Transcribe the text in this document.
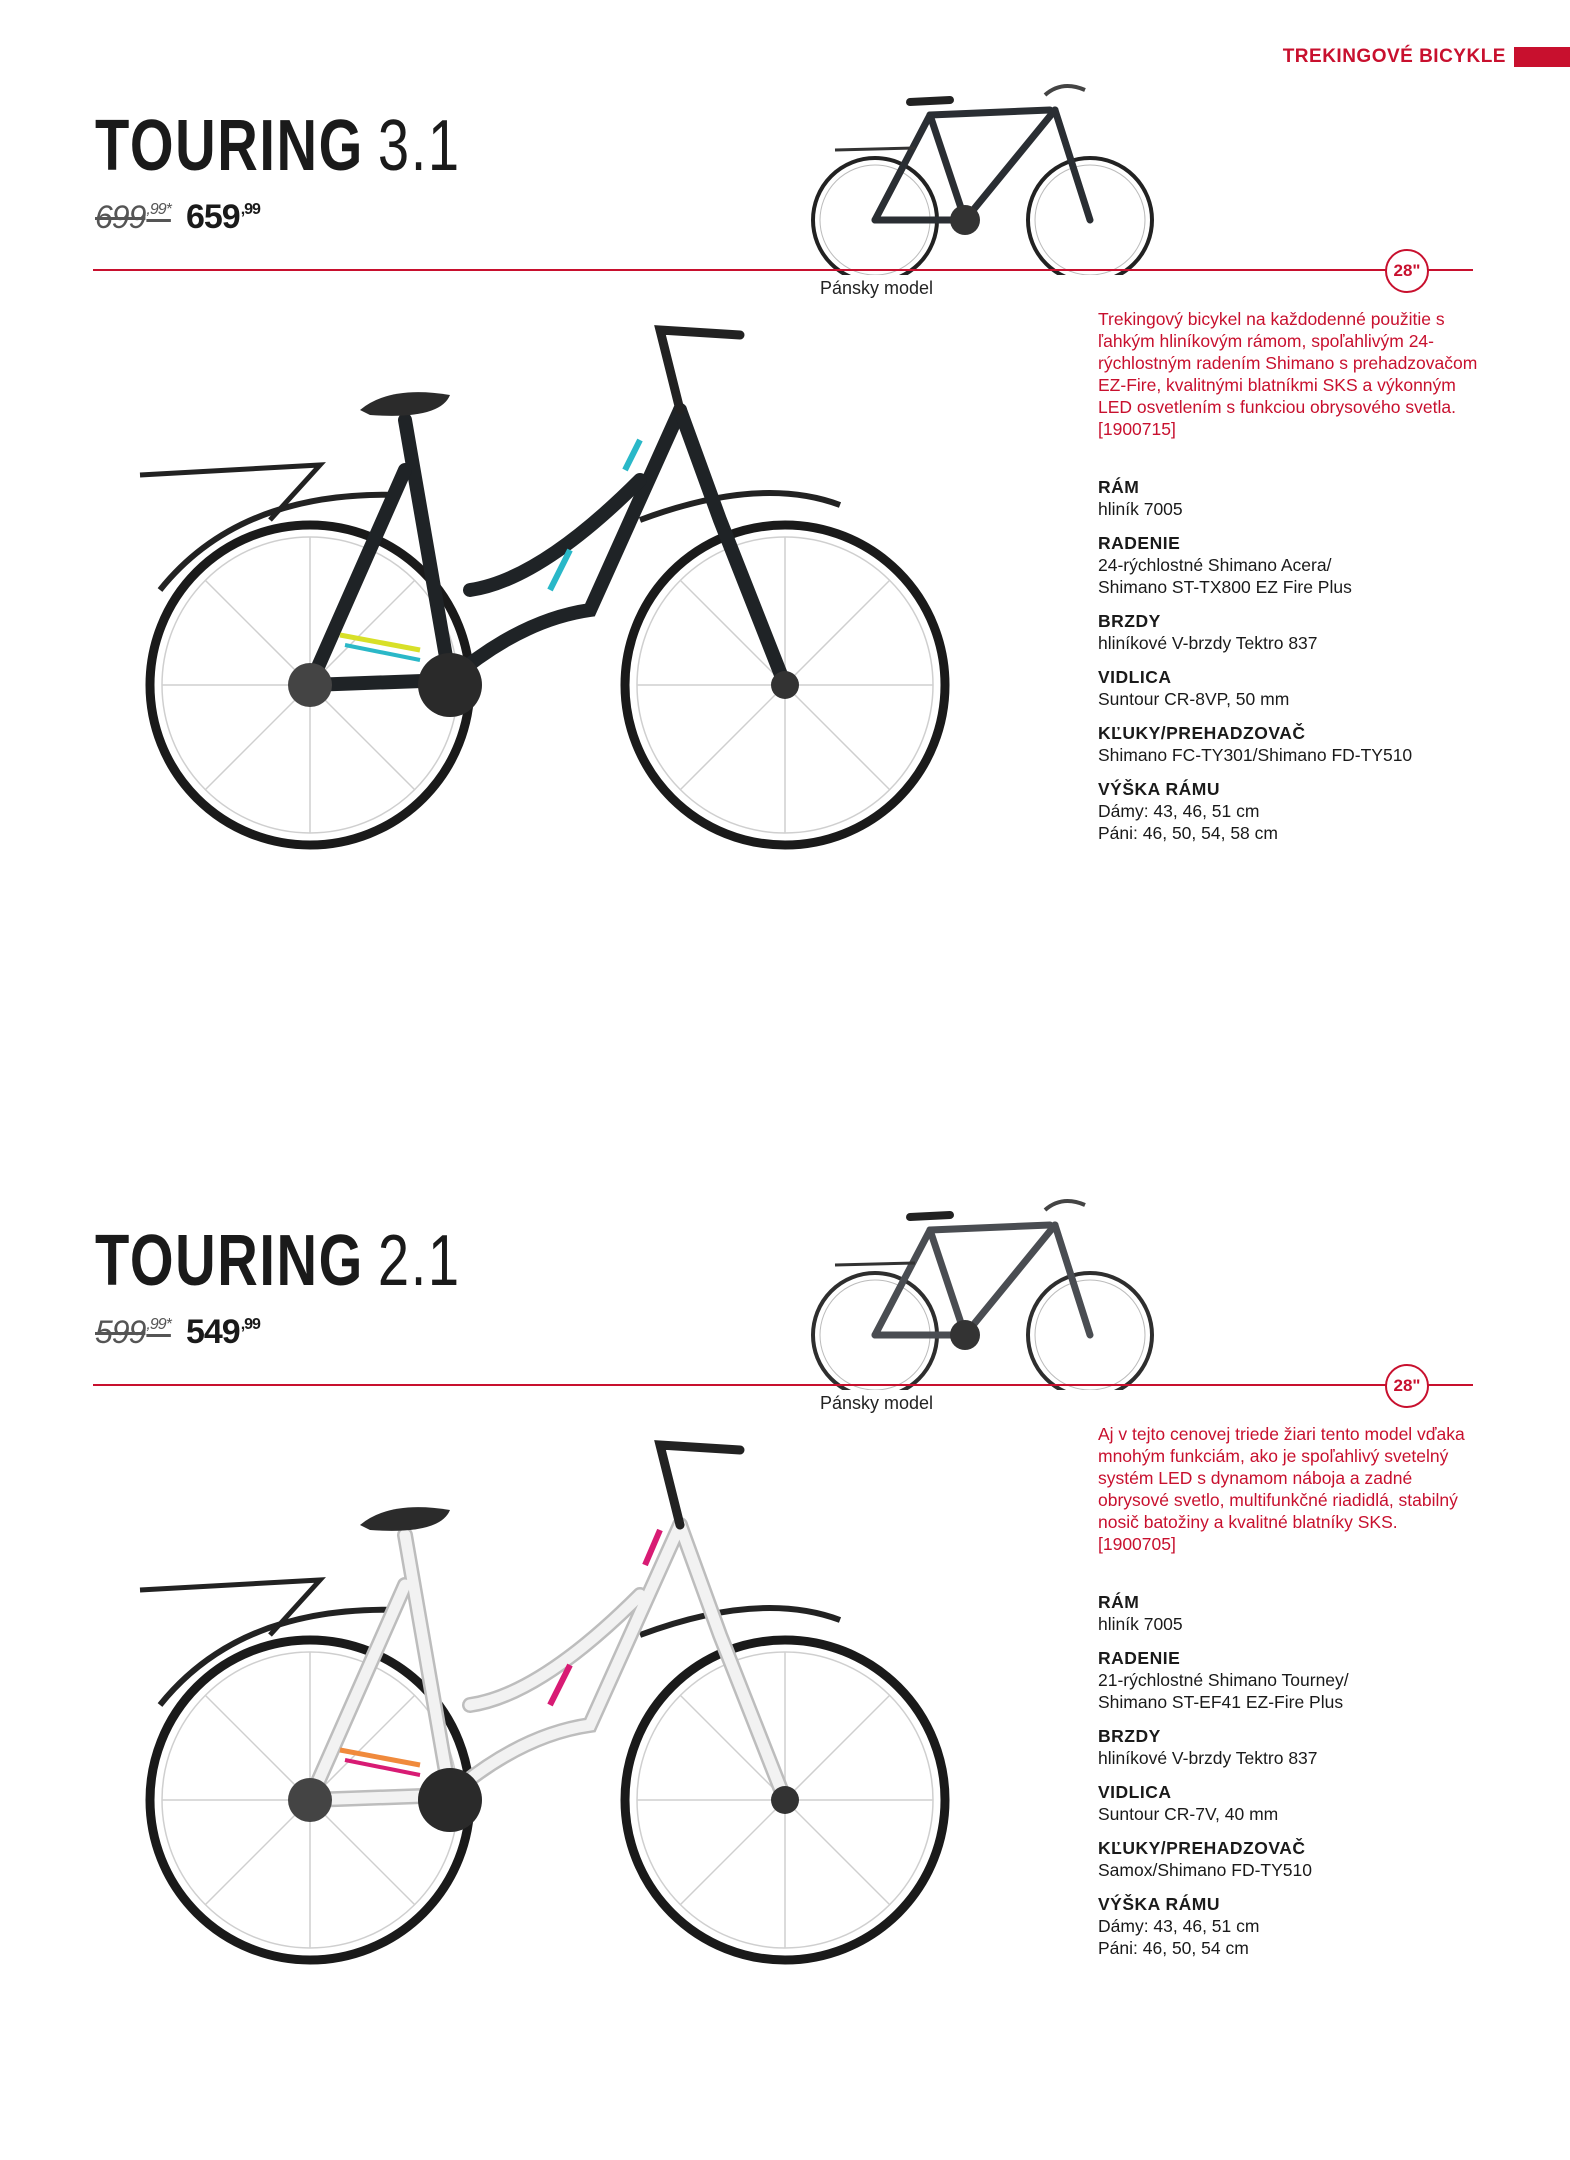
TREKINGOVÉ BICYKLE
TOURING 3.1
$699^{,99*}$ $659^{,99}$
28"
Pánsky model

Trekingový bicykel na každodenné použitie s ľahkým hliníkovým rámom, spoľahlivým 24-rýchlostným radením Shimano s prehadzovačom EZ-Fire, kvalitnými blatníkmi SKS a výkonným LED osvetlením s funkciou obrysového svetla. [1900715]

RÁM
hliník 7005
RADENIE
24-rýchlostné Shimano Acera/
Shimano ST-TX800 EZ Fire Plus
BRZDY
hliníkové V-brzdy Tektro 837
VIDLICA
Suntour CR-8VP, 50 mm
KĽUKY/PREHADZOVAČ
Shimano FC-TY301/Shimano FD-TY510
VÝŠKA RÁMU
Dámy: 43, 46, 51 cm
Páni: 46, 50, 54, 58 cm
TOURING 2.1
$599^{,99*}$ $549^{,99}$
28"
Pánsky model

Aj v tejto cenovej triede žiari tento model vďaka mnohým funkciám, ako je spoľahlivý svetelný systém LED s dynamom náboja a zadné obrysové svetlo, multifunkčné riadidlá, stabilný nosič batožiny a kvalitné blatníky SKS. [1900705]

RÁM
hliník 7005
RADENIE
21-rýchlostné Shimano Tourney/
Shimano ST-EF41 EZ-Fire Plus
BRZDY
hliníkové V-brzdy Tektro 837
VIDLICA
Suntour CR-7V, 40 mm
KĽUKY/PREHADZOVAČ
Samox/Shimano FD-TY510
VÝŠKA RÁMU
Dámy: 43, 46, 51 cm
Páni: 46, 50, 54 cm
